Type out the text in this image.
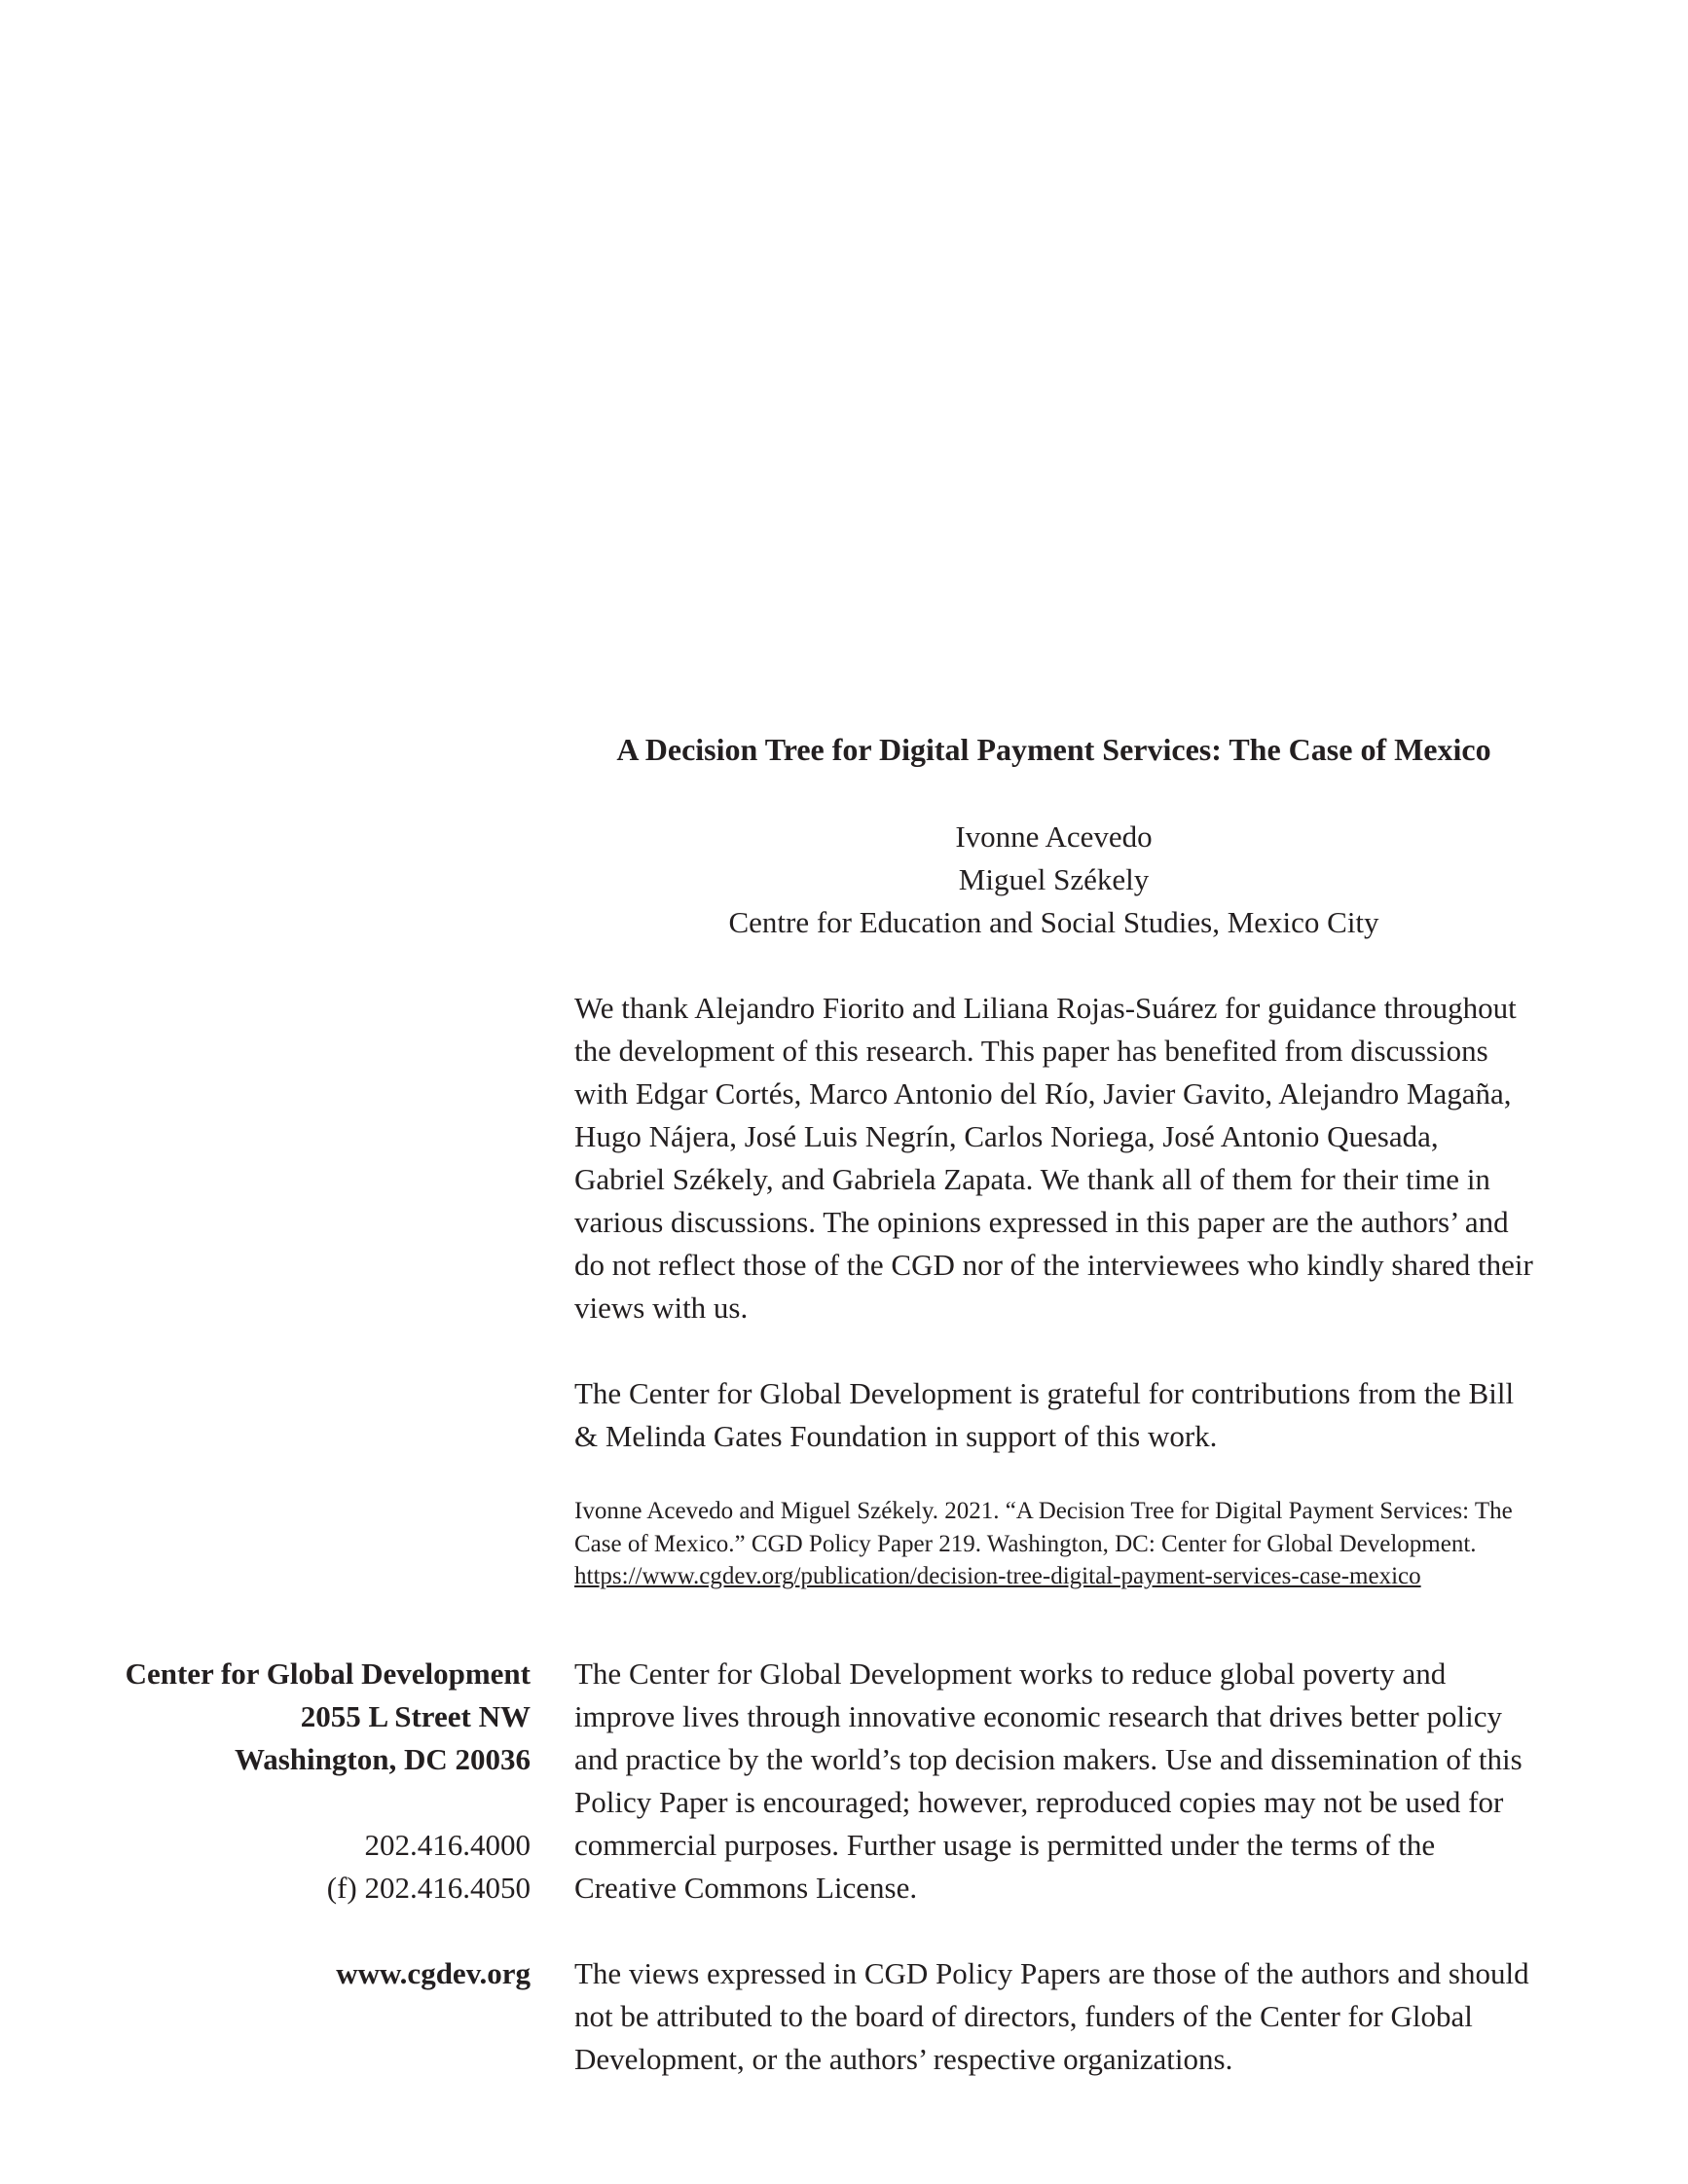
A Decision Tree for Digital Payment Services: The Case of Mexico
Ivonne Acevedo
Miguel Székely
Centre for Education and Social Studies, Mexico City

We thank Alejandro Fiorito and Liliana Rojas-Suárez for guidance throughout the development of this research. This paper has benefited from discussions with Edgar Cortés, Marco Antonio del Río, Javier Gavito, Alejandro Magaña, Hugo Nájera, José Luis Negrín, Carlos Noriega, José Antonio Quesada, Gabriel Székely, and Gabriela Zapata. We thank all of them for their time in various discussions. The opinions expressed in this paper are the authors’ and do not reflect those of the CGD nor of the interviewees who kindly shared their views with us.

The Center for Global Development is grateful for contributions from the Bill & Melinda Gates Foundation in support of this work.

Ivonne Acevedo and Miguel Székely. 2021. “A Decision Tree for Digital Payment Services: The Case of Mexico.” CGD Policy Paper 219. Washington, DC: Center for Global Development. https://www.cgdev.org/publication/decision-tree-digital-payment-services-case-mexico

The Center for Global Development works to reduce global poverty and improve lives through innovative economic research that drives better policy and practice by the world’s top decision makers. Use and dissemination of this Policy Paper is encouraged; however, reproduced copies may not be used for commercial purposes. Further usage is permitted under the terms of the Creative Commons License.

The views expressed in CGD Policy Papers are those of the authors and should not be attributed to the board of directors, funders of the Center for Global Development, or the authors’ respective organizations.

Center for Global Development
2055 L Street NW
Washington, DC 20036
202.416.4000
(f) 202.416.4050
www.cgdev.org
